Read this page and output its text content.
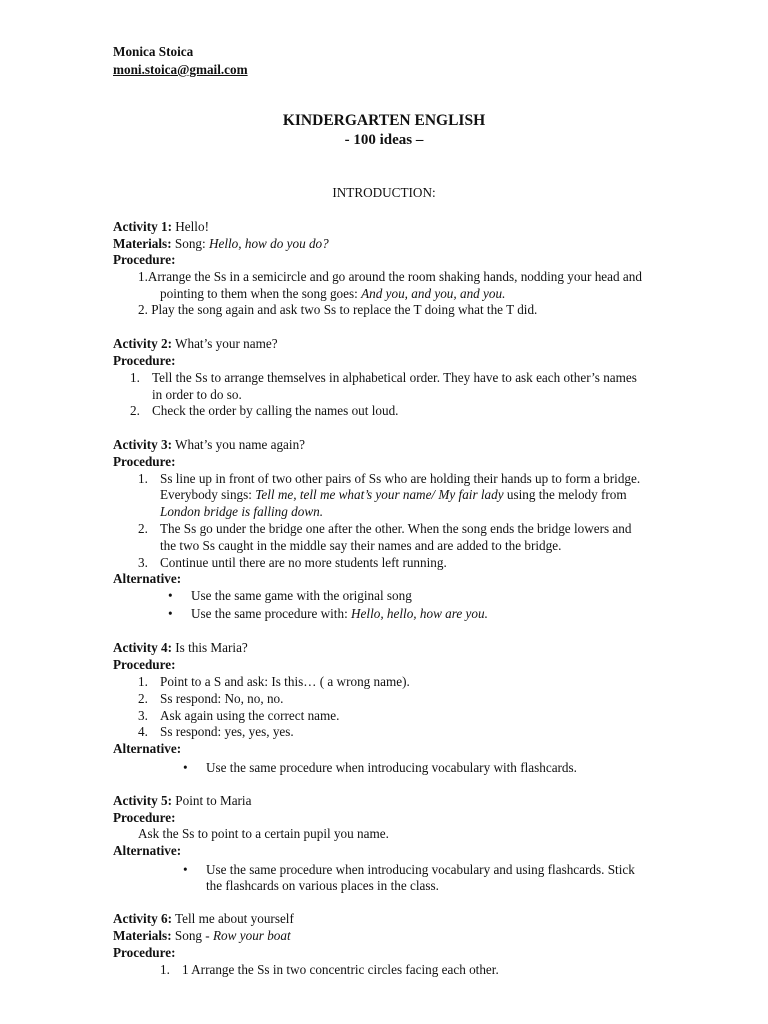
Monica Stoica
moni.stoica@gmail.com
KINDERGARTEN ENGLISH
- 100 ideas –
INTRODUCTION:
Activity 1: Hello!
Materials: Song: Hello, how do you do?
Procedure:
1.Arrange the Ss in a semicircle and go around the room shaking hands, nodding your head and
pointing to them when the song goes: And you, and you, and you.
2. Play the song again and ask two Ss to replace the T doing what the T did.
Activity 2: What’s your name?
Procedure:
1. Tell the Ss to arrange themselves in alphabetical order. They have to ask each other’s names
in order to do so.
2. Check the order by calling the names out loud.
Activity 3: What’s you name again?
Procedure:
1. Ss line up in front of two other pairs of Ss who are holding their hands up to form a bridge.
Everybody sings: Tell me, tell me what’s your name/ My fair lady using the melody from
London bridge is falling down.
2. The Ss go under the bridge one after the other. When the song ends the bridge lowers and
the two Ss caught in the middle say their names and are added to the bridge.
3. Continue until there are no more students left running.
Alternative:
• Use the same game with the original song
• Use the same procedure with: Hello, hello, how are you.
Activity 4: Is this Maria?
Procedure:
1. Point to a S and ask: Is this… ( a wrong name).
2. Ss respond: No, no, no.
3. Ask again using the correct name.
4. Ss respond: yes, yes, yes.
Alternative:
• Use the same procedure when introducing vocabulary with flashcards.
Activity 5: Point to Maria
Procedure:
Ask the Ss to point to a certain pupil you name.
Alternative:
• Use the same procedure when introducing vocabulary and using flashcards. Stick
the flashcards on various places in the class.
Activity 6: Tell me about yourself
Materials: Song - Row your boat
Procedure:
1. 1 Arrange the Ss in two concentric circles facing each other.
